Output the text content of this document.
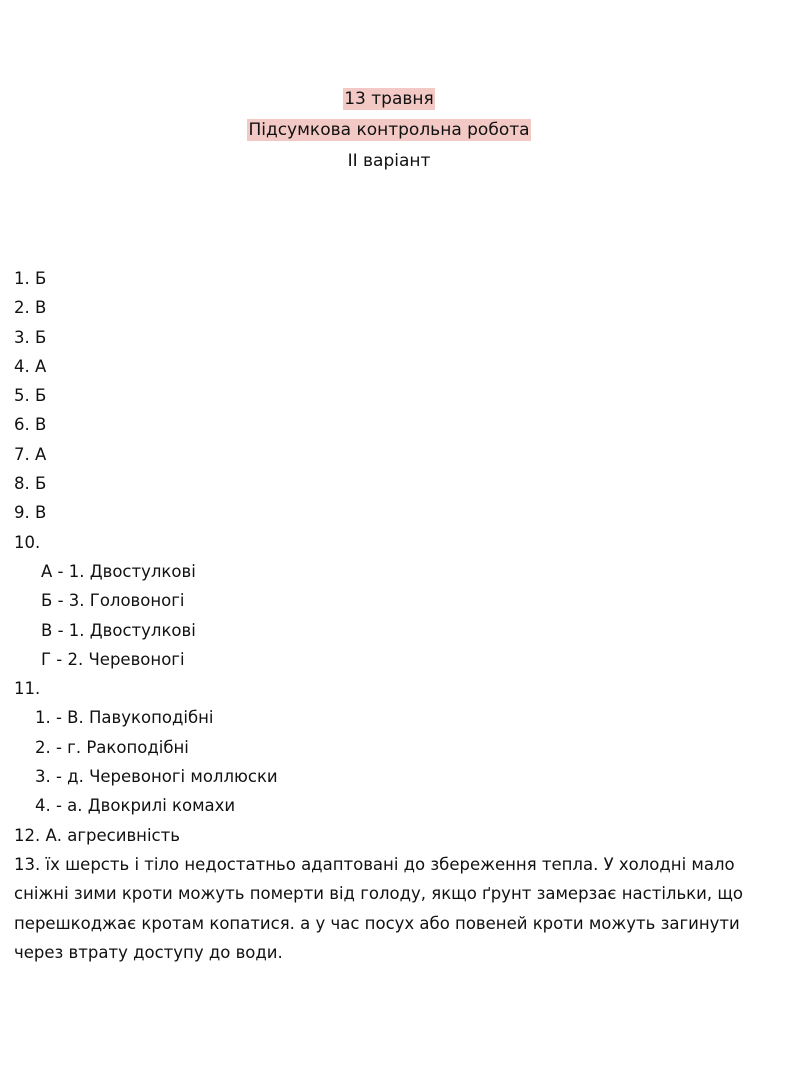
13 травня
Підсумкова контрольна робота
ІІ варіант
1. Б
2. В
3. Б
4. А
5. Б
6. В
7. А
8. Б
9. В
10.
А - 1. Двостулкові
Б - 3. Головоногі
В - 1. Двостулкові
Г - 2. Черевоногі
11.
1. - В. Павукоподібні
2. - г. Ракоподібні
3. - д. Черевоногі моллюски
4. - а. Двокрилі комахи
12. А. агресивність
13. їх шерсть і тіло недостатньо адаптовані до збереження тепла. У холодні мало сніжні зими кроти можуть померти від голоду, якщо ґрунт замерзає настільки, що перешкоджає кротам копатися. а у час посух або повеней кроти можуть загинути через втрату доступу до води.
